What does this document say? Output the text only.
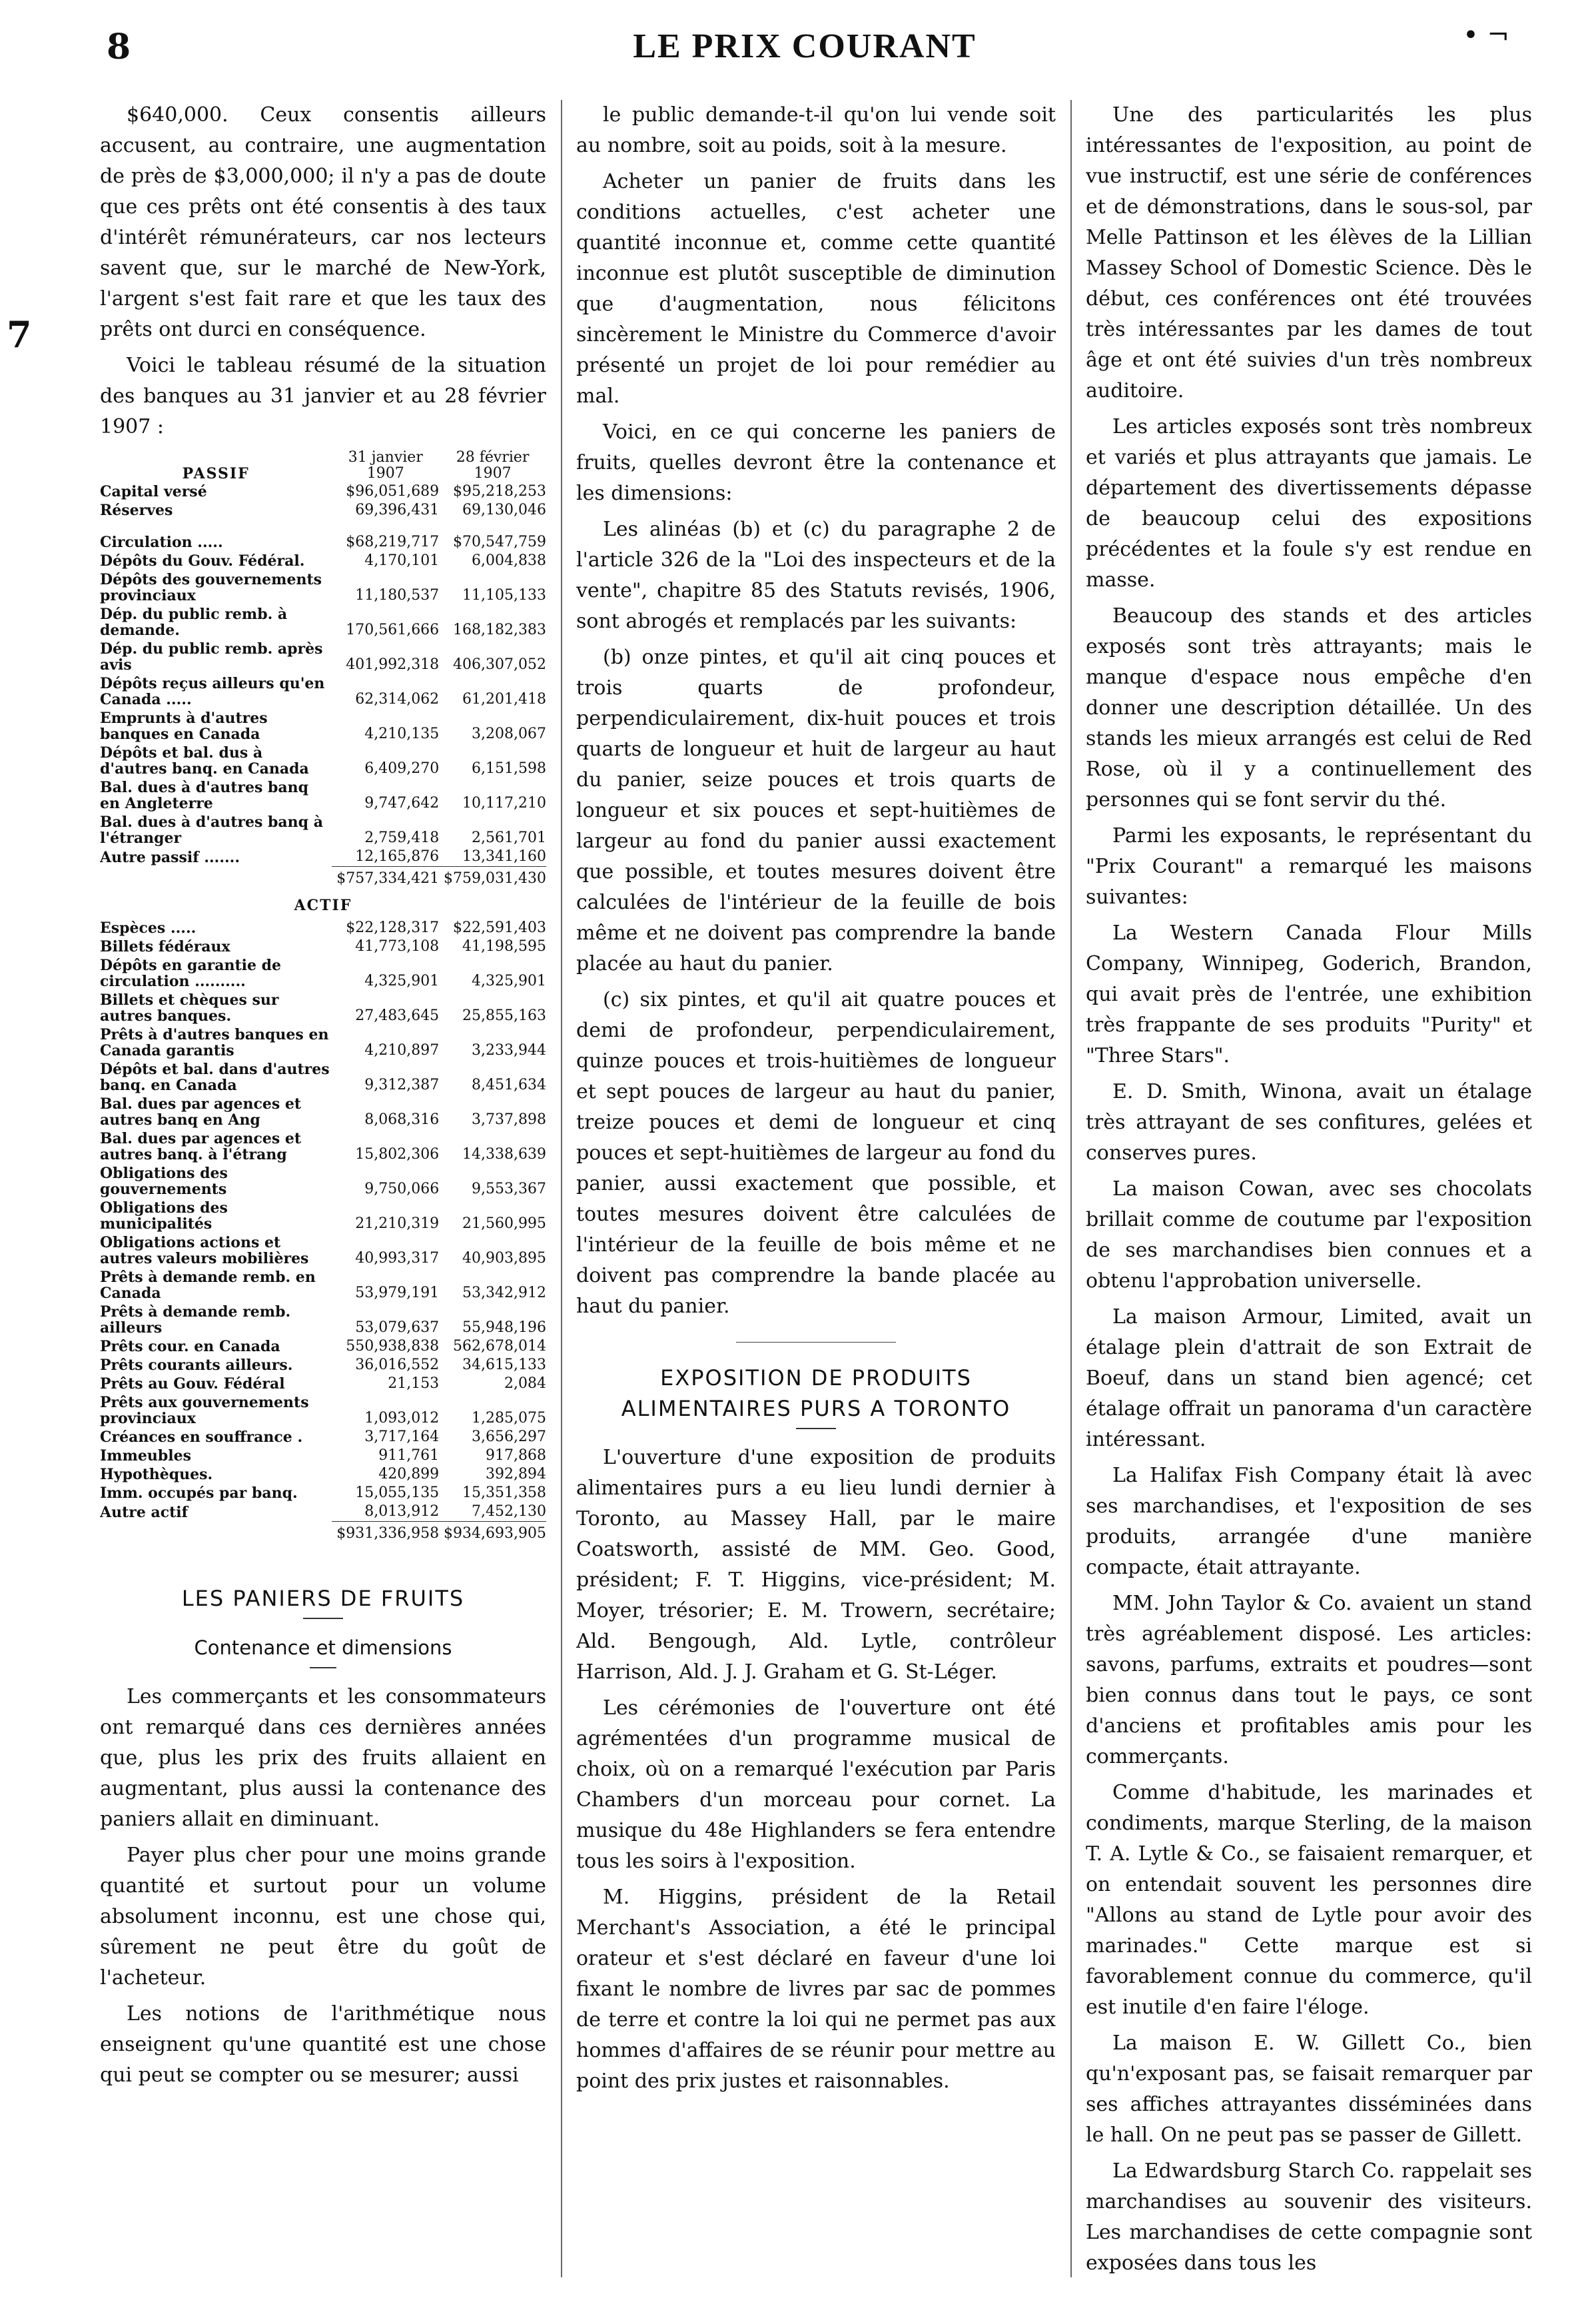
8	LE PRIX COURANT	• ¬
7

$640,000. Ceux consentis ailleurs accusent, au contraire, une augmentation de près de $3,000,000; il n'y a pas de doute que ces prêts ont été consentis à des taux d'intérêt rémunérateurs, car nos lecteurs savent que, sur le marché de New-York, l'argent s'est fait rare et que les taux des prêts ont durci en conséquence.

Voici le tableau résumé de la situation des banques au 31 janvier et au 28 février 1907 :

PASSIF	31 janvier 1907	28 février 1907
Capital versé	$96,051,689	$95,218,253
Réserves	69,396,431	69,130,046

Circulation .....	$68,219,717	$70,547,759
Dépôts du Gouv. Fédéral.	4,170,101	6,004,838
Dépôts des gouvernements provinciaux	11,180,537	11,105,133
Dép. du public remb. à demande.	170,561,666	168,182,383
Dép. du public remb. après avis	401,992,318	406,307,052
Dépôts reçus ailleurs qu'en Canada .....	62,314,062	61,201,418
Emprunts à d'autres banques en Canada	4,210,135	3,208,067
Dépôts et bal. dus à d'autres banq. en Canada	6,409,270	6,151,598
Bal. dues à d'autres banq en Angleterre	9,747,642	10,117,210
Bal. dues à d'autres banq à l'étranger	2,759,418	2,561,701
Autre passif .......	12,165,876	13,341,160
	$757,334,421	$759,031,430
ACTIF		
Espèces .....	$22,128,317	$22,591,403
Billets fédéraux	41,773,108	41,198,595
Dépôts en garantie de circulation ..........	4,325,901	4,325,901
Billets et chèques sur autres banques.	27,483,645	25,855,163
Prêts à d'autres banques en Canada garantis	4,210,897	3,233,944
Dépôts et bal. dans d'autres banq. en Canada	9,312,387	8,451,634
Bal. dues par agences et autres banq en Ang	8,068,316	3,737,898
Bal. dues par agences et autres banq. à l'étrang	15,802,306	14,338,639
Obligations des gouvernements	9,750,066	9,553,367
Obligations des municipalités	21,210,319	21,560,995
Obligations actions et autres valeurs mobilières	40,993,317	40,903,895
Prêts à demande remb. en Canada	53,979,191	53,342,912
Prêts à demande remb. ailleurs	53,079,637	55,948,196
Prêts cour. en Canada	550,938,838	562,678,014
Prêts courants ailleurs.	36,016,552	34,615,133
Prêts au Gouv. Fédéral	21,153	2,084
Prêts aux gouvernements provinciaux	1,093,012	1,285,075
Créances en souffrance .	3,717,164	3,656,297
Immeubles	911,761	917,868
Hypothèques.	420,899	392,894
Imm. occupés par banq.	15,055,135	15,351,358
Autre actif	8,013,912	7,452,130
	$931,336,958	$934,693,905
LES PANIERS DE FRUITS
Contenance et dimensions

Les commerçants et les consommateurs ont remarqué dans ces dernières années que, plus les prix des fruits allaient en augmentant, plus aussi la contenance des paniers allait en diminuant.

Payer plus cher pour une moins grande quantité et surtout pour un volume absolument inconnu, est une chose qui, sûrement ne peut être du goût de l'acheteur.

Les notions de l'arithmétique nous enseignent qu'une quantité est une chose qui peut se compter ou se mesurer; aussi

le public demande-t-il qu'on lui vende soit au nombre, soit au poids, soit à la mesure.

Acheter un panier de fruits dans les conditions actuelles, c'est acheter une quantité inconnue et, comme cette quantité inconnue est plutôt susceptible de diminution que d'augmentation, nous félicitons sincèrement le Ministre du Commerce d'avoir présenté un projet de loi pour remédier au mal.

Voici, en ce qui concerne les paniers de fruits, quelles devront être la contenance et les dimensions:

Les alinéas (b) et (c) du paragraphe 2 de l'article 326 de la "Loi des inspecteurs et de la vente", chapitre 85 des Statuts revisés, 1906, sont abrogés et remplacés par les suivants:

(b) onze pintes, et qu'il ait cinq pouces et trois quarts de profondeur, perpendiculairement, dix-huit pouces et trois quarts de longueur et huit de largeur au haut du panier, seize pouces et trois quarts de longueur et six pouces et sept-huitièmes de largeur au fond du panier aussi exactement que possible, et toutes mesures doivent être calculées de l'intérieur de la feuille de bois même et ne doivent pas comprendre la bande placée au haut du panier.

(c) six pintes, et qu'il ait quatre pouces et demi de profondeur, perpendiculairement, quinze pouces et trois-huitièmes de longueur et sept pouces de largeur au haut du panier, treize pouces et demi de longueur et cinq pouces et sept-huitièmes de largeur au fond du panier, aussi exactement que possible, et toutes mesures doivent être calculées de l'intérieur de la feuille de bois même et ne doivent pas comprendre la bande placée au haut du panier.

EXPOSITION DE PRODUITS ALIMENTAIRES PURS A TORONTO

L'ouverture d'une exposition de produits alimentaires purs a eu lieu lundi dernier à Toronto, au Massey Hall, par le maire Coatsworth, assisté de MM. Geo. Good, président; F. T. Higgins, vice-président; M. Moyer, trésorier; E. M. Trowern, secrétaire; Ald. Bengough, Ald. Lytle, contrôleur Harrison, Ald. J. J. Graham et G. St-Léger.

Les cérémonies de l'ouverture ont été agrémentées d'un programme musical de choix, où on a remarqué l'exécution par Paris Chambers d'un morceau pour cornet. La musique du 48e Highlanders se fera entendre tous les soirs à l'exposition.

M. Higgins, président de la Retail Merchant's Association, a été le principal orateur et s'est déclaré en faveur d'une loi fixant le nombre de livres par sac de pommes de terre et contre la loi qui ne permet pas aux hommes d'affaires de se réunir pour mettre au point des prix justes et raisonnables.

Une des particularités les plus intéressantes de l'exposition, au point de vue instructif, est une série de conférences et de démonstrations, dans le sous-sol, par Melle Pattinson et les élèves de la Lillian Massey School of Domestic Science. Dès le début, ces conférences ont été trouvées très intéressantes par les dames de tout âge et ont été suivies d'un très nombreux auditoire.

Les articles exposés sont très nombreux et variés et plus attrayants que jamais. Le département des divertissements dépasse de beaucoup celui des expositions précédentes et la foule s'y est rendue en masse.

Beaucoup des stands et des articles exposés sont très attrayants; mais le manque d'espace nous empêche d'en donner une description détaillée. Un des stands les mieux arrangés est celui de Red Rose, où il y a continuellement des personnes qui se font servir du thé.

Parmi les exposants, le représentant du "Prix Courant" a remarqué les maisons suivantes:

La Western Canada Flour Mills Company, Winnipeg, Goderich, Brandon, qui avait près de l'entrée, une exhibition très frappante de ses produits "Purity" et "Three Stars".

E. D. Smith, Winona, avait un étalage très attrayant de ses confitures, gelées et conserves pures.

La maison Cowan, avec ses chocolats brillait comme de coutume par l'exposition de ses marchandises bien connues et a obtenu l'approbation universelle.

La maison Armour, Limited, avait un étalage plein d'attrait de son Extrait de Boeuf, dans un stand bien agencé; cet étalage offrait un panorama d'un caractère intéressant.

La Halifax Fish Company était là avec ses marchandises, et l'exposition de ses produits, arrangée d'une manière compacte, était attrayante.

MM. John Taylor & Co. avaient un stand très agréablement disposé. Les articles: savons, parfums, extraits et poudres—sont bien connus dans tout le pays, ce sont d'anciens et profitables amis pour les commerçants.

Comme d'habitude, les marinades et condiments, marque Sterling, de la maison T. A. Lytle & Co., se faisaient remarquer, et on entendait souvent les personnes dire "Allons au stand de Lytle pour avoir des marinades." Cette marque est si favorablement connue du commerce, qu'il est inutile d'en faire l'éloge.

La maison E. W. Gillett Co., bien qu'n'exposant pas, se faisait remarquer par ses affiches attrayantes disséminées dans le hall. On ne peut pas se passer de Gillett.

La Edwardsburg Starch Co. rappelait ses marchandises au souvenir des visiteurs. Les marchandises de cette compagnie sont exposées dans tous les
